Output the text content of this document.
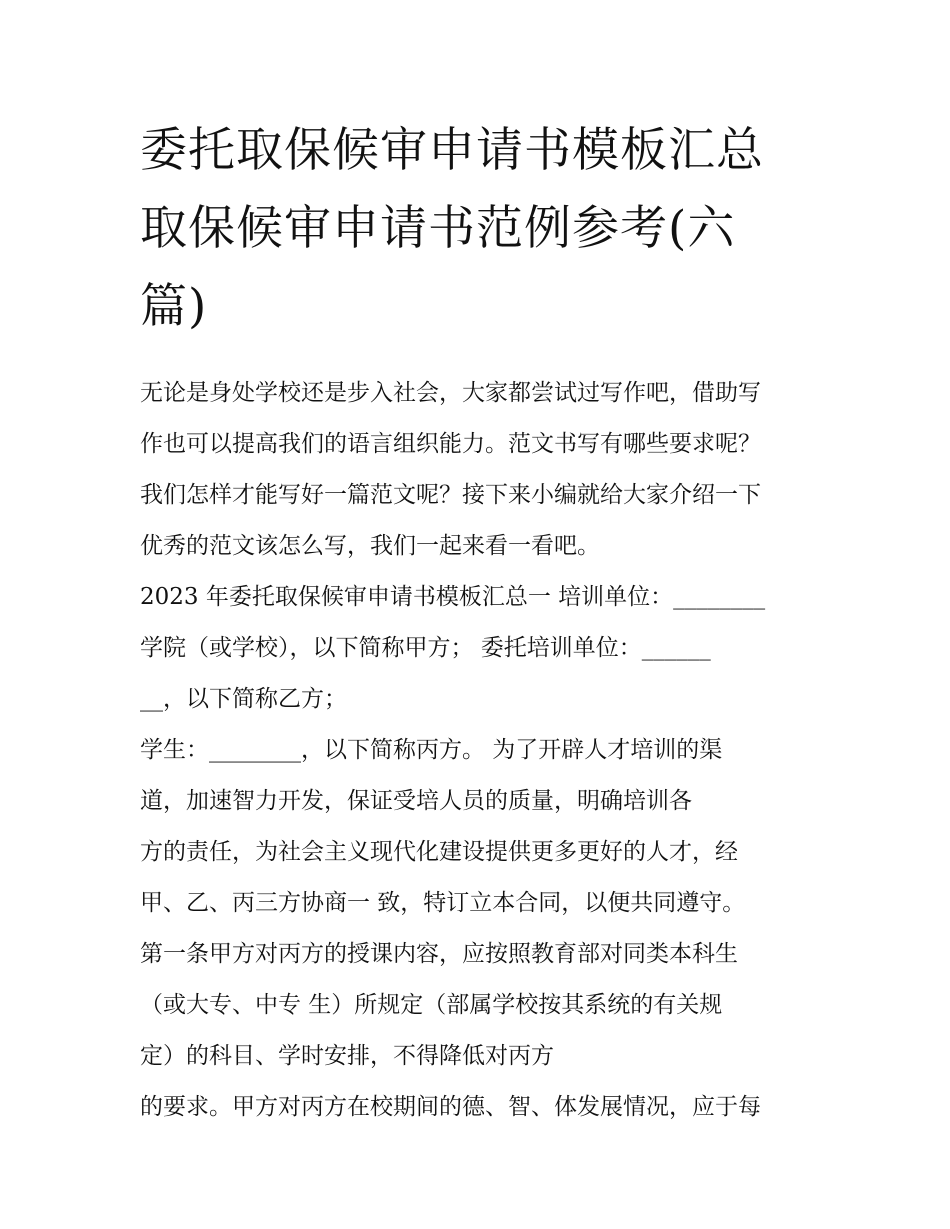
委托取保候审申请书模板汇总
取保候审申请书范例参考(六
篇)
无论是身处学校还是步入社会，大家都尝试过写作吧，借助写
作也可以提高我们的语言组织能力。范文书写有哪些要求呢？
我们怎样才能写好一篇范文呢？接下来小编就给大家介绍一下
优秀的范文该怎么写，我们一起来看一看吧。
2023 年委托取保候审申请书模板汇总一 培训单位：________
学院（或学校），以下简称甲方； 委托培训单位：______
__，以下简称乙方；
学生：________，以下简称丙方。 为了开辟人才培训的渠
道，加速智力开发，保证受培人员的质量，明确培训各
方的责任，为社会主义现代化建设提供更多更好的人才，经
甲、乙、丙三方协商一 致，特订立本合同，以便共同遵守。
第一条甲方对丙方的授课内容，应按照教育部对同类本科生
（或大专、中专 生）所规定（部属学校按其系统的有关规
定）的科目、学时安排，不得降低对丙方
的要求。甲方对丙方在校期间的德、智、体发展情况，应于每
